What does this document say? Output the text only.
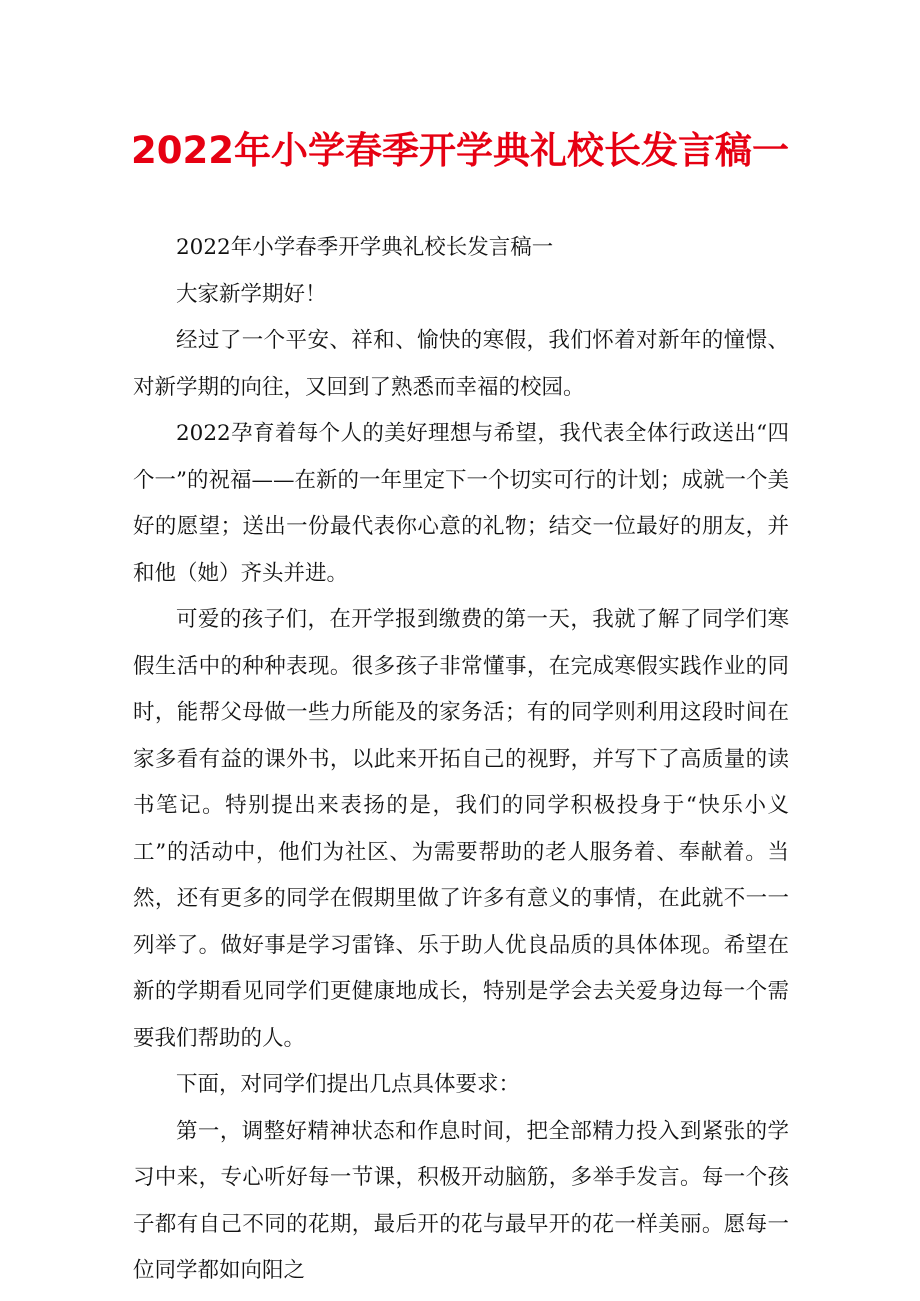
2022年小学春季开学典礼校长发言稿一

2022年小学春季开学典礼校长发言稿一

大家新学期好！

经过了一个平安、祥和、愉快的寒假，我们怀着对新年的憧憬、对新学期的向往，又回到了熟悉而幸福的校园。

2022孕育着每个人的美好理想与希望，我代表全体行政送出“四个一”的祝福——在新的一年里定下一个切实可行的计划；成就一个美好的愿望；送出一份最代表你心意的礼物；结交一位最好的朋友，并和他（她）齐头并进。

可爱的孩子们，在开学报到缴费的第一天，我就了解了同学们寒假生活中的种种表现。很多孩子非常懂事，在完成寒假实践作业的同时，能帮父母做一些力所能及的家务活；有的同学则利用这段时间在家多看有益的课外书，以此来开拓自己的视野，并写下了高质量的读书笔记。特别提出来表扬的是，我们的同学积极投身于“快乐小义工”的活动中，他们为社区、为需要帮助的老人服务着、奉献着。当然，还有更多的同学在假期里做了许多有意义的事情，在此就不一一列举了。做好事是学习雷锋、乐于助人优良品质的具体体现。希望在新的学期看见同学们更健康地成长，特别是学会去关爱身边每一个需要我们帮助的人。

下面，对同学们提出几点具体要求：

第一，调整好精神状态和作息时间，把全部精力投入到紧张的学习中来，专心听好每一节课，积极开动脑筋，多举手发言。每一个孩子都有自己不同的花期，最后开的花与最早开的花一样美丽。愿每一位同学都如向阳之
